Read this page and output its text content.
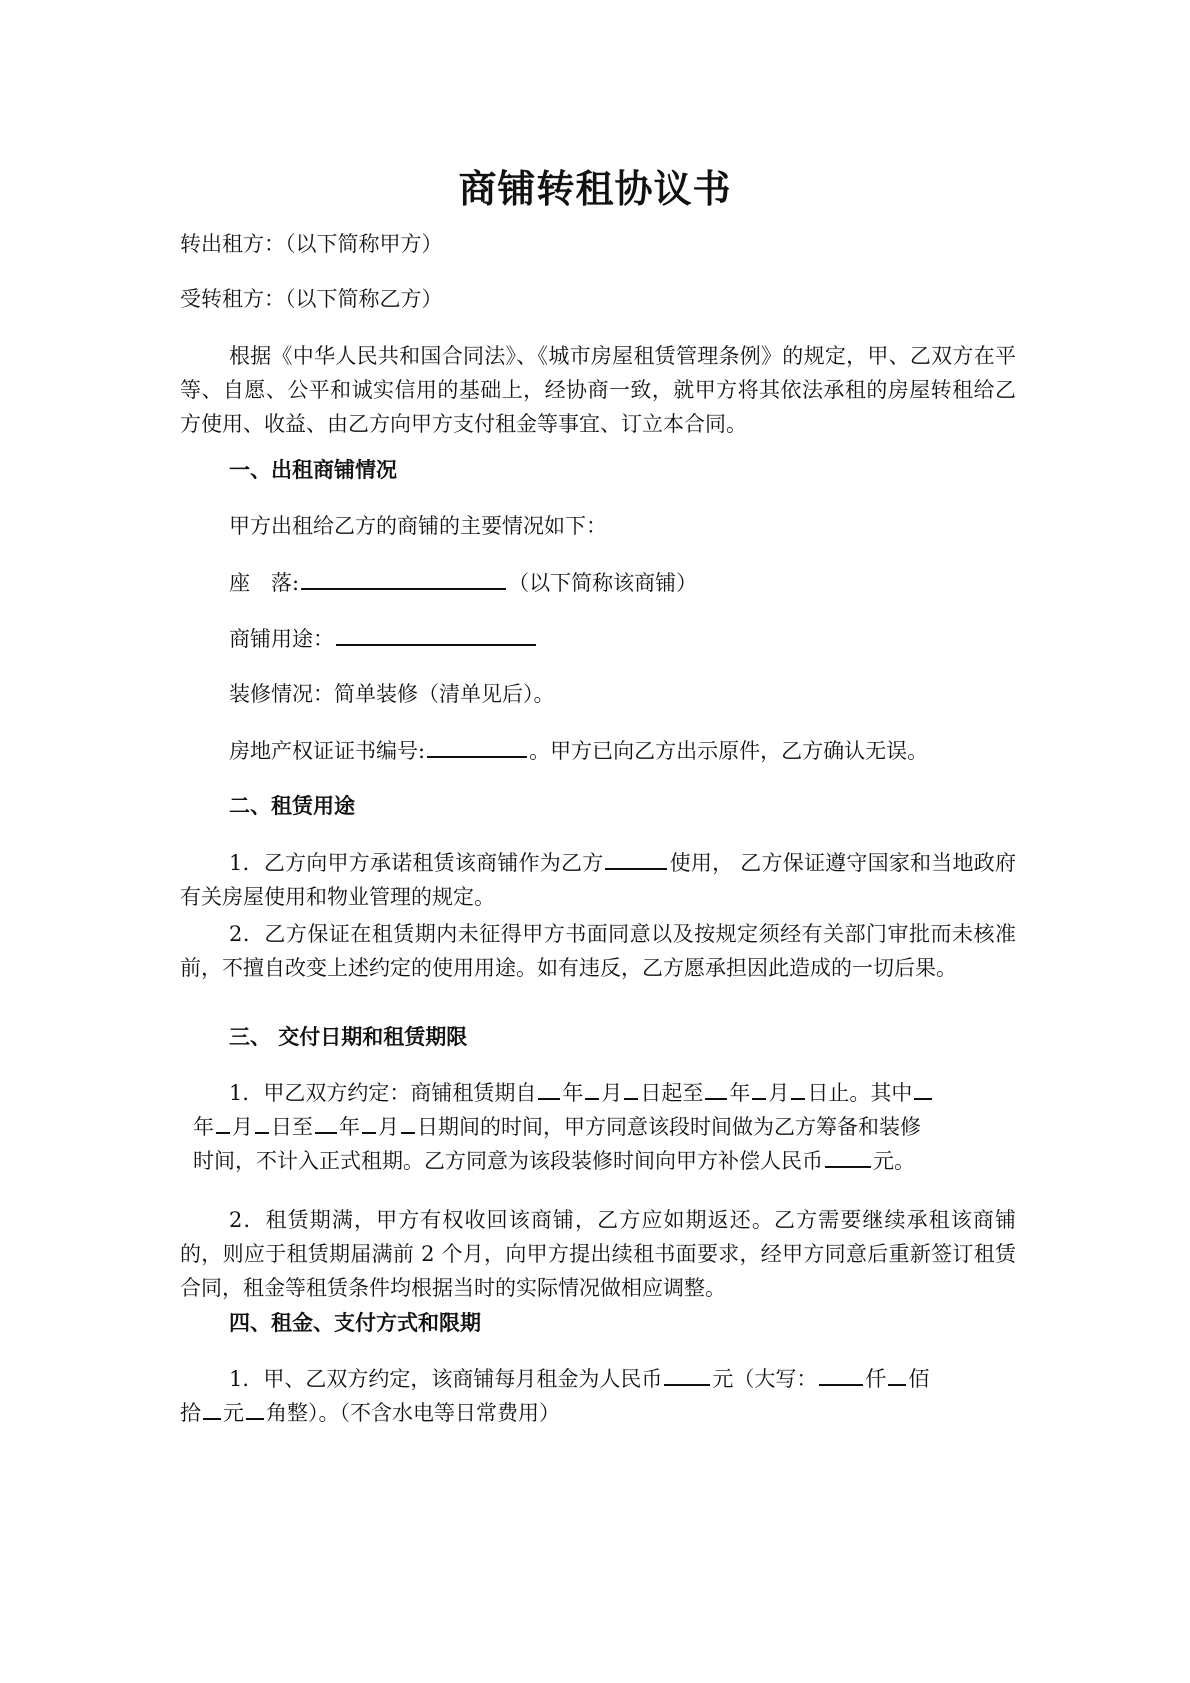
商铺转租协议书
转出租方：（以下简称甲方）
受转租方：（以下简称乙方）
根据《中华人民共和国合同法》、《城市房屋租赁管理条例》的规定，甲、乙双方在平等、自愿、公平和诚实信用的基础上，经协商一致，就甲方将其依法承租的房屋转租给乙方使用、收益、由乙方向甲方支付租金等事宜、订立本合同。
一、出租商铺情况
甲方出租给乙方的商铺的主要情况如下：
座　落:	（以下简称该商铺）
商铺用途：
装修情况：简单装修（清单见后）。
房地产权证证书编号:	。甲方已向乙方出示原件，乙方确认无误。
二、租赁用途
1．乙方向甲方承诺租赁该商铺作为乙方	使用， 乙方保证遵守国家和当地政府有关房屋使用和物业管理的规定。
2．乙方保证在租赁期内未征得甲方书面同意以及按规定须经有关部门审批而未核准前，不擅自改变上述约定的使用用途。如有违反，乙方愿承担因此造成的一切后果。
三、 交付日期和租赁期限
1．甲乙双方约定：商铺租赁期自 年 月 日起至 年 月 日止。其中
年 月 日至 年 月 日期间的时间，甲方同意该段时间做为乙方筹备和装修
时间，不计入正式租期。乙方同意为该段装修时间向甲方补偿人民币 元。
2．租赁期满，甲方有权收回该商铺，乙方应如期返还。乙方需要继续承租该商铺的，则应于租赁期届满前 2 个月，向甲方提出续租书面要求，经甲方同意后重新签订租赁合同，租金等租赁条件均根据当时的实际情况做相应调整。
四、租金、支付方式和限期
1．甲、乙双方约定，该商铺每月租金为人民币 元（大写： 仟 佰
拾 元 角整）。（不含水电等日常费用）
